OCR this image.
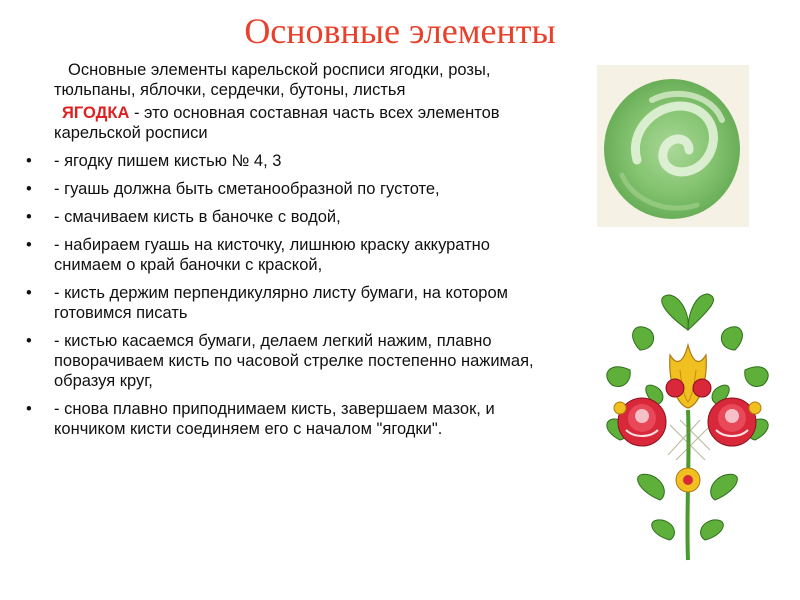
Основные элементы

Основные элементы карельской росписи ягодки, розы, тюльпаны, яблочки, сердечки, бутоны, листья

ЯГОДКА - это основная составная часть всех элементов карельской росписи

• - ягодку пишем кистью № 4, 3
• - гуашь должна быть сметанообразной по густоте,
• - смачиваем кисть в баночке с водой,
• - набираем гуашь на кисточку, лишнюю краску аккуратно снимаем о край баночки с краской,
• - кисть держим перпендикулярно листу бумаги, на котором готовимся писать
• - кистью касаемся бумаги, делаем легкий нажим, плавно поворачиваем кисть по часовой стрелке постепенно нажимая, образуя круг,
• - снова плавно приподнимаем кисть, завершаем мазок, и кончиком кисти соединяем его с началом "ягодки".
